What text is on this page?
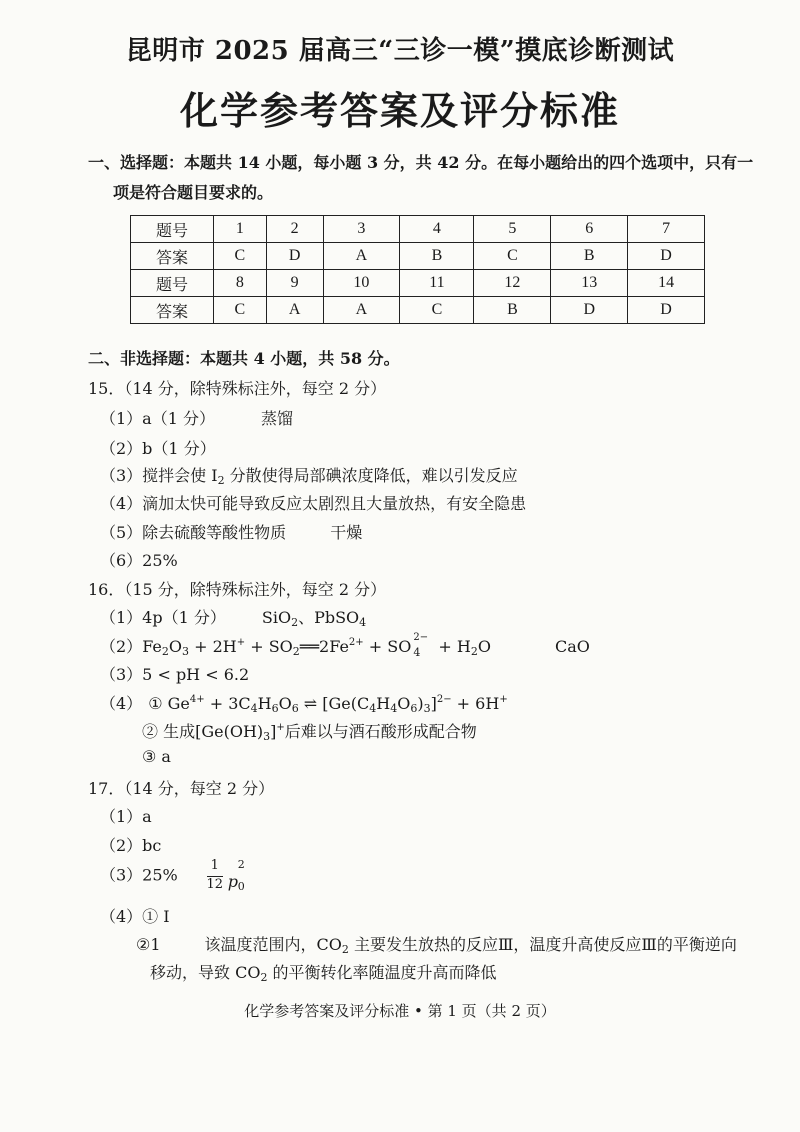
昆明市 2025 届高三“三诊一模”摸底诊断测试
化学参考答案及评分标准
一、选择题：本题共 14 小题，每小题 3 分，共 42 分。在每小题给出的四个选项中，只有一
项是符合题目要求的。
题号	1	2	3	4	5	6	7
答案	C	D	A	B	C	B	D
题号	8	9	10	11	12	13	14
答案	C	A	A	C	B	D	D
二、非选择题：本题共 4 小题，共 58 分。
15．（14 分，除特殊标注外，每空 2 分）
（1）a（1 分）	蒸馏
（2）b（1 分）
（3）搅拌会使 $I_2$ 分散使得局部碘浓度降低，难以引发反应
（4）滴加太快可能导致反应太剧烈且大量放热，有安全隐患
（5）除去硫酸等酸性物质	干燥
（6）25%
16．（15 分，除特殊标注外，每空 2 分）
（1）4p（1 分） SiO$_2$、PbSO$_4$
$(2)Fe_2O_3 + 2H^+$ + $SO_2══2Fe^{2+}$ + SO 2−
$4 + H_2O$	CaO
（3）5 < pH < 6.2
（4） ① $Ge^{4+} + 3C_4H_6O_6$ ⇌ $[Ge(C_4H_4O_6)_3]^{2-} + 6H^+$
② 生成$[Ge(OH)_3]^+$后难以与酒石酸形成配合物
③ a
17．（14 分，每空 2 分）
（1）a
（2）bc
$(3)25\% \frac{1}{12}$ p
2
0
（4）① I
②1	该温度范围内，$CO_2$ 主要发生放热的反应Ⅲ，温度升高使反应Ⅲ的平衡逆向
移动，导致 $CO_2$ 的平衡转化率随温度升高而降低
化学参考答案及评分标准 • 第 1 页（共 2 页）
